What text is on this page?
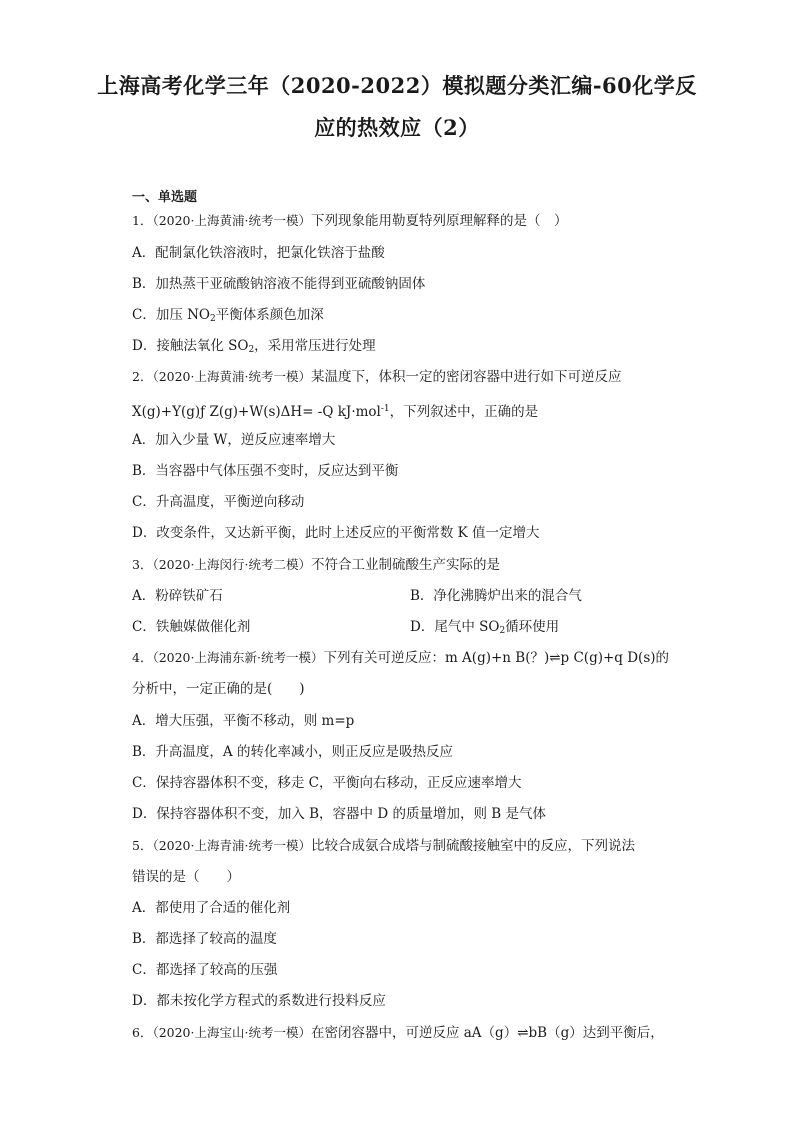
上海高考化学三年（2020-2022）模拟题分类汇编-60化学反
应的热效应（2）
一、单选题
1．（2020·上海黄浦·统考一模）下列现象能用勒夏特列原理解释的是（　）
A．配制氯化铁溶液时，把氯化铁溶于盐酸
B．加热蒸干亚硫酸钠溶液不能得到亚硫酸钠固体
C．加压 $NO_2$平衡体系颜色加深
D．接触法氧化 $SO_2$，采用常压进行处理
2．（2020·上海黄浦·统考一模）某温度下，体积一定的密闭容器中进行如下可逆反应
X(g)+Y(g)ƒ Z(g)+W(s)ΔH= -Q kJ·mol$^{-1}$，下列叙述中，正确的是
A．加入少量 W，逆反应速率增大
B．当容器中气体压强不变时，反应达到平衡
C．升高温度，平衡逆向移动
D．改变条件，又达新平衡，此时上述反应的平衡常数 K 值一定增大
3．（2020·上海闵行·统考二模）不符合工业制硫酸生产实际的是
A．粉碎铁矿石	B．净化沸腾炉出来的混合气
C．铁触媒做催化剂	D．尾气中 $SO_2$循环使用
4．（2020·上海浦东新·统考一模）下列有关可逆反应：m A(g)+n B(？)⇌p C(g)+q D(s)的
分析中，一定正确的是(　　)
A．增大压强，平衡不移动，则 m=p
B．升高温度，A 的转化率减小，则正反应是吸热反应
C．保持容器体积不变，移走 C，平衡向右移动，正反应速率增大
D．保持容器体积不变，加入 B，容器中 D 的质量增加，则 B 是气体
5．（2020·上海青浦·统考一模）比较合成氨合成塔与制硫酸接触室中的反应，下列说法
错误的是（　　）
A．都使用了合适的催化剂
B．都选择了较高的温度
C．都选择了较高的压强
D．都未按化学方程式的系数进行投料反应
6．（2020·上海宝山·统考一模）在密闭容器中，可逆反应 aA（g）⇌bB（g）达到平衡后，
